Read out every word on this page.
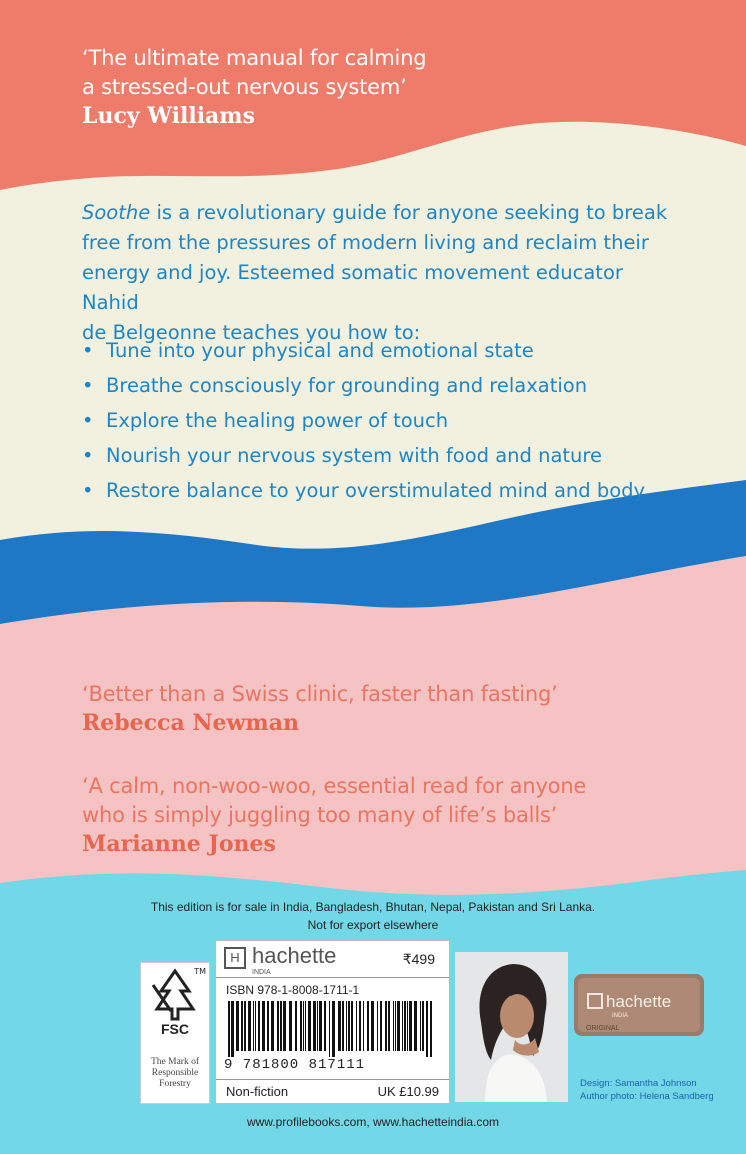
‘The ultimate manual for calming
a stressed-out nervous system’
Lucy Williams
Soothe is a revolutionary guide for anyone seeking to break
free from the pressures of modern living and reclaim their
energy and joy. Esteemed somatic movement educator Nahid
de Belgeonne teaches you how to:
• Tune into your physical and emotional state
• Breathe consciously for grounding and relaxation
• Explore the healing power of touch
• Nourish your nervous system with food and nature
• Restore balance to your overstimulated mind and body
‘Better than a Swiss clinic, faster than fasting’
Rebecca Newman
‘A calm, non-woo-woo, essential read for anyone
who is simply juggling too many of life’s balls’
Marianne Jones
This edition is for sale in India, Bangladesh, Bhutan, Nepal, Pakistan and Sri Lanka.
Not for export elsewhere
TM
FSC
The Mark of
Responsible
Forestry
H hachette
INDIA
₹499
ISBN 978-1-8008-1711-1
9 781800 817111
Non-fiction	UK £10.99
hachette
INDIA
ORIGINAL
Design: Samantha Johnson
Author photo: Helena Sandberg
www.profilebooks.com, www.hachetteindia.com
